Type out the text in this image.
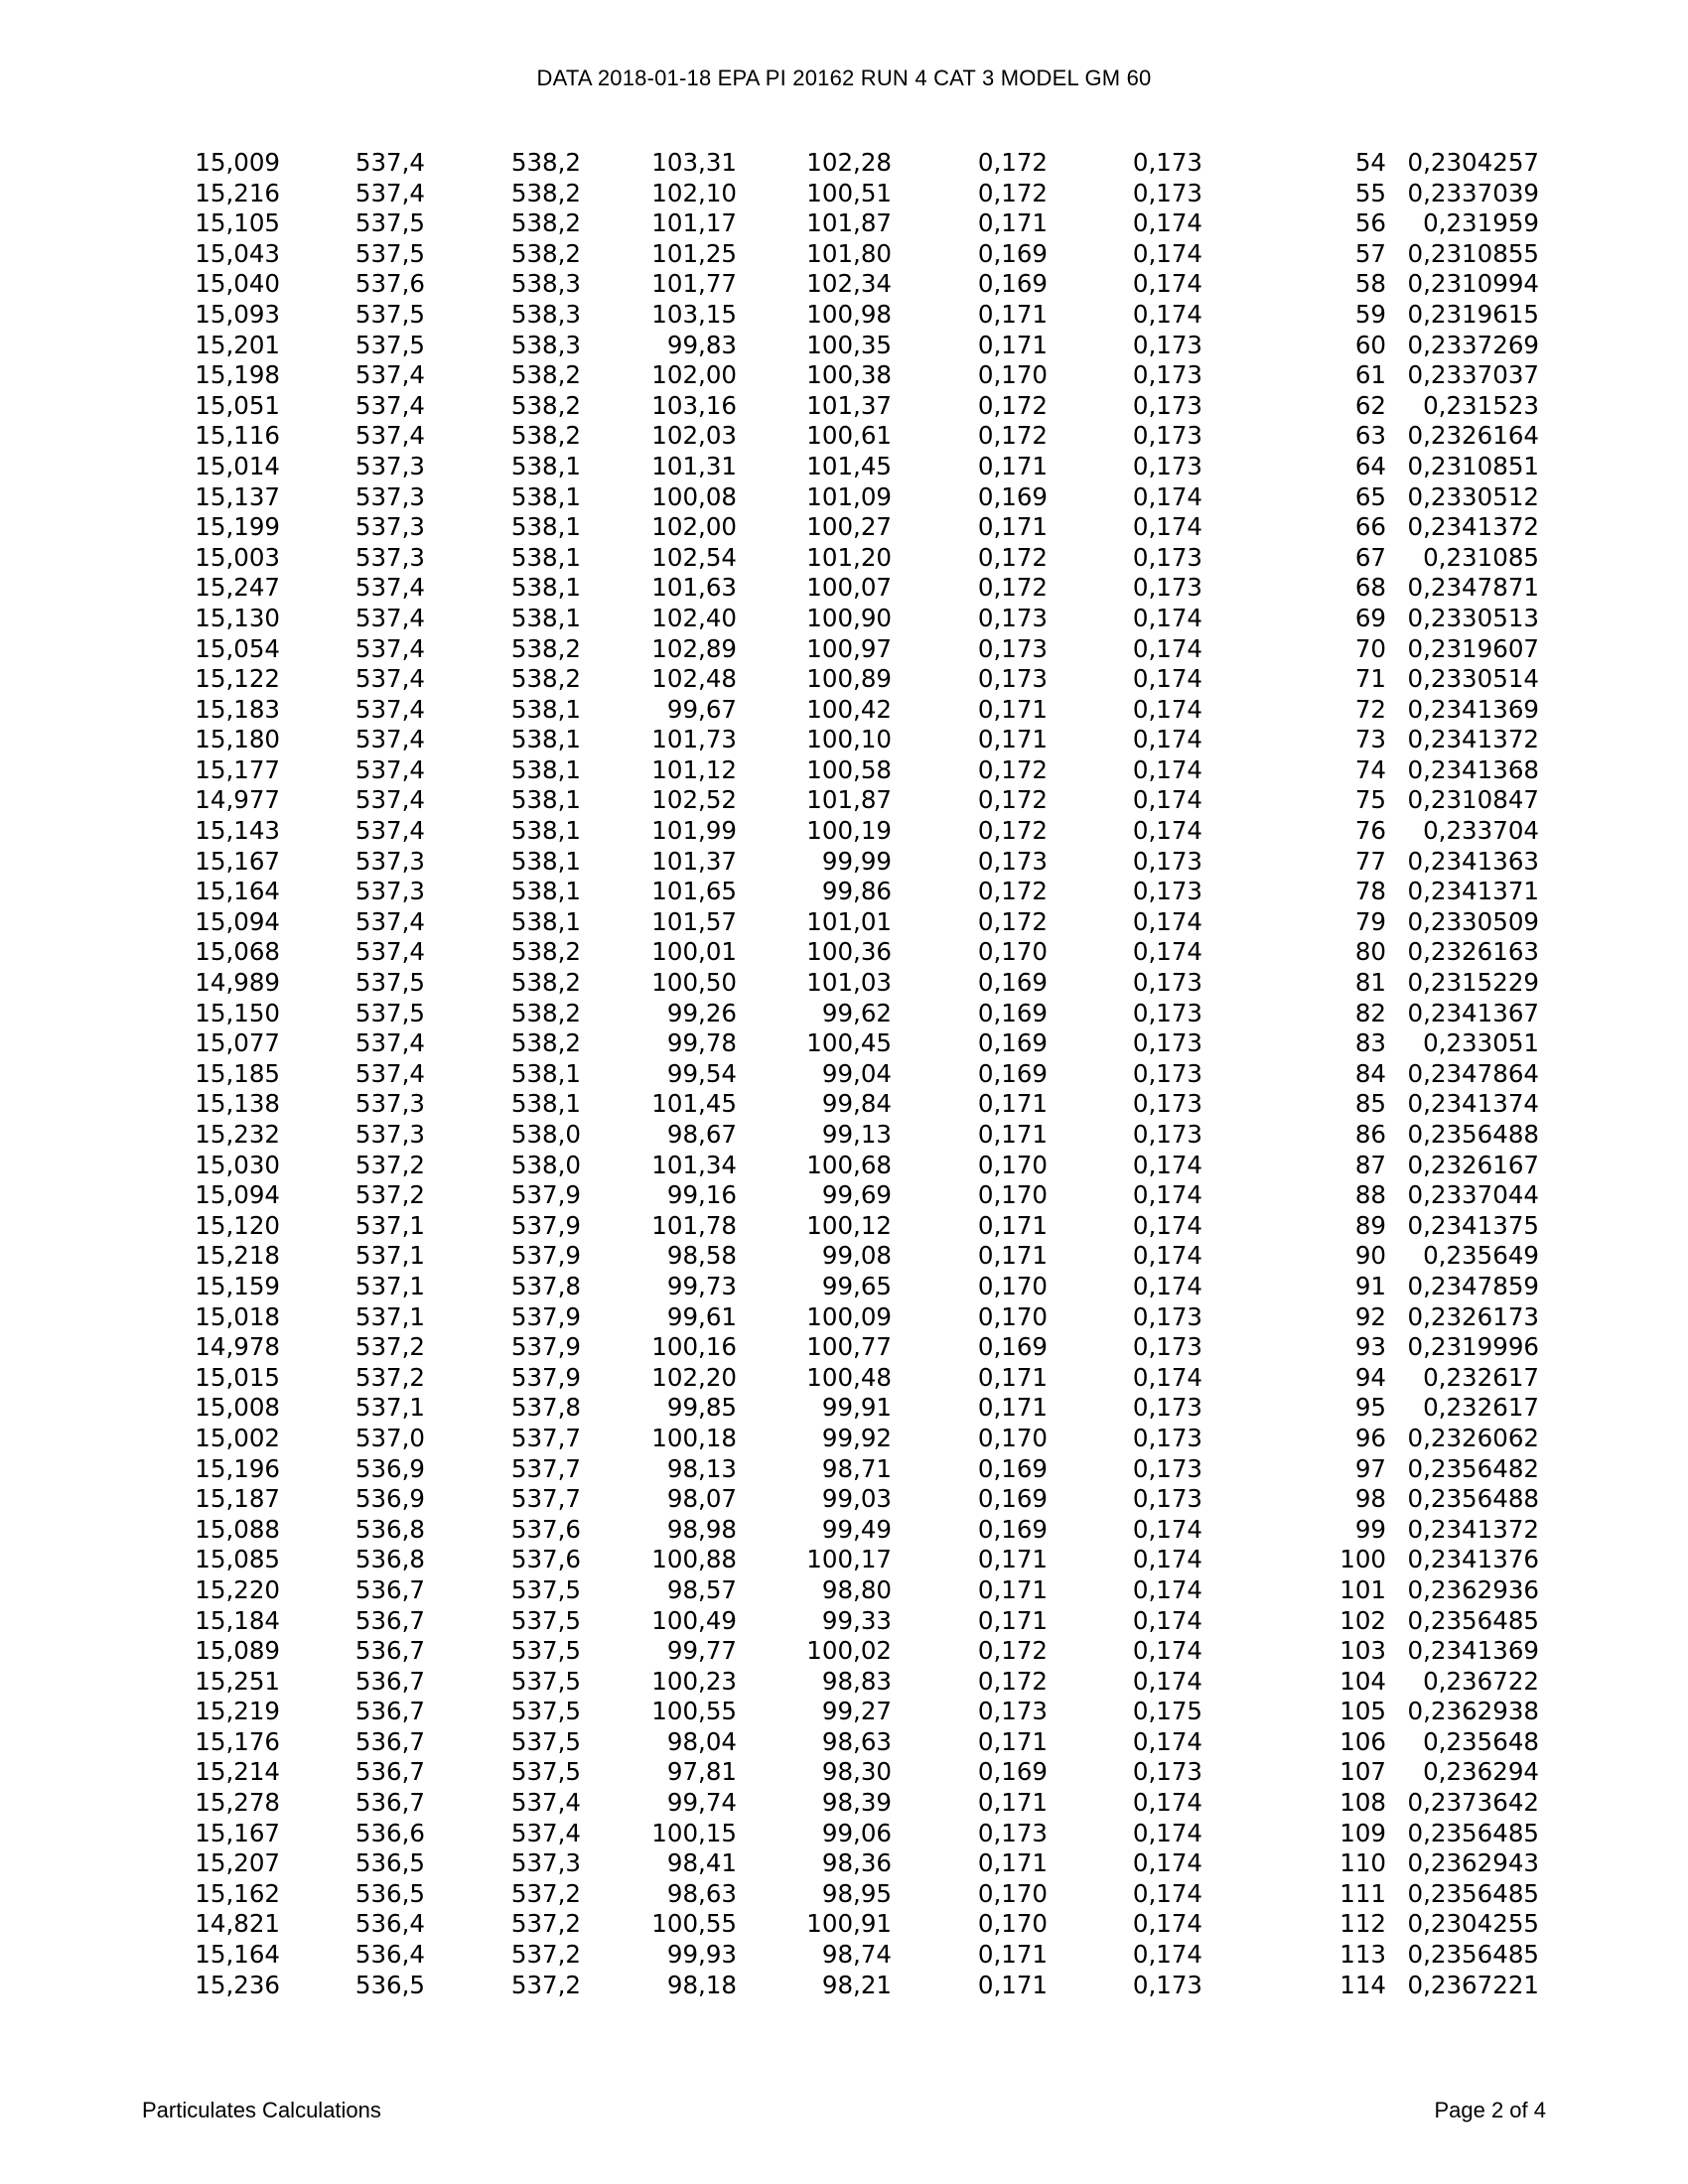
DATA 2018-01-18 EPA PI 20162 RUN 4 CAT 3 MODEL GM 60
15,009	537,4	538,2	103,31	102,28	0,172	0,173	54	0,2304257	
15,216	537,4	538,2	102,10	100,51	0,172	0,173	55	0,2337039	
15,105	537,5	538,2	101,17	101,87	0,171	0,174	56	0,231959	
15,043	537,5	538,2	101,25	101,80	0,169	0,174	57	0,2310855	
15,040	537,6	538,3	101,77	102,34	0,169	0,174	58	0,2310994	
15,093	537,5	538,3	103,15	100,98	0,171	0,174	59	0,2319615	
15,201	537,5	538,3	99,83	100,35	0,171	0,173	60	0,2337269	
15,198	537,4	538,2	102,00	100,38	0,170	0,173	61	0,2337037	
15,051	537,4	538,2	103,16	101,37	0,172	0,173	62	0,231523	
15,116	537,4	538,2	102,03	100,61	0,172	0,173	63	0,2326164	
15,014	537,3	538,1	101,31	101,45	0,171	0,173	64	0,2310851	
15,137	537,3	538,1	100,08	101,09	0,169	0,174	65	0,2330512	
15,199	537,3	538,1	102,00	100,27	0,171	0,174	66	0,2341372	
15,003	537,3	538,1	102,54	101,20	0,172	0,173	67	0,231085	
15,247	537,4	538,1	101,63	100,07	0,172	0,173	68	0,2347871	
15,130	537,4	538,1	102,40	100,90	0,173	0,174	69	0,2330513	
15,054	537,4	538,2	102,89	100,97	0,173	0,174	70	0,2319607	
15,122	537,4	538,2	102,48	100,89	0,173	0,174	71	0,2330514	
15,183	537,4	538,1	99,67	100,42	0,171	0,174	72	0,2341369	
15,180	537,4	538,1	101,73	100,10	0,171	0,174	73	0,2341372	
15,177	537,4	538,1	101,12	100,58	0,172	0,174	74	0,2341368	
14,977	537,4	538,1	102,52	101,87	0,172	0,174	75	0,2310847	
15,143	537,4	538,1	101,99	100,19	0,172	0,174	76	0,233704	
15,167	537,3	538,1	101,37	99,99	0,173	0,173	77	0,2341363	
15,164	537,3	538,1	101,65	99,86	0,172	0,173	78	0,2341371	
15,094	537,4	538,1	101,57	101,01	0,172	0,174	79	0,2330509	
15,068	537,4	538,2	100,01	100,36	0,170	0,174	80	0,2326163	
14,989	537,5	538,2	100,50	101,03	0,169	0,173	81	0,2315229	
15,150	537,5	538,2	99,26	99,62	0,169	0,173	82	0,2341367	
15,077	537,4	538,2	99,78	100,45	0,169	0,173	83	0,233051	
15,185	537,4	538,1	99,54	99,04	0,169	0,173	84	0,2347864	
15,138	537,3	538,1	101,45	99,84	0,171	0,173	85	0,2341374	
15,232	537,3	538,0	98,67	99,13	0,171	0,173	86	0,2356488	
15,030	537,2	538,0	101,34	100,68	0,170	0,174	87	0,2326167	
15,094	537,2	537,9	99,16	99,69	0,170	0,174	88	0,2337044	
15,120	537,1	537,9	101,78	100,12	0,171	0,174	89	0,2341375	
15,218	537,1	537,9	98,58	99,08	0,171	0,174	90	0,235649	
15,159	537,1	537,8	99,73	99,65	0,170	0,174	91	0,2347859	
15,018	537,1	537,9	99,61	100,09	0,170	0,173	92	0,2326173	
14,978	537,2	537,9	100,16	100,77	0,169	0,173	93	0,2319996	
15,015	537,2	537,9	102,20	100,48	0,171	0,174	94	0,232617	
15,008	537,1	537,8	99,85	99,91	0,171	0,173	95	0,232617	
15,002	537,0	537,7	100,18	99,92	0,170	0,173	96	0,2326062	
15,196	536,9	537,7	98,13	98,71	0,169	0,173	97	0,2356482	
15,187	536,9	537,7	98,07	99,03	0,169	0,173	98	0,2356488	
15,088	536,8	537,6	98,98	99,49	0,169	0,174	99	0,2341372	
15,085	536,8	537,6	100,88	100,17	0,171	0,174	100	0,2341376	
15,220	536,7	537,5	98,57	98,80	0,171	0,174	101	0,2362936	
15,184	536,7	537,5	100,49	99,33	0,171	0,174	102	0,2356485	
15,089	536,7	537,5	99,77	100,02	0,172	0,174	103	0,2341369	
15,251	536,7	537,5	100,23	98,83	0,172	0,174	104	0,236722	
15,219	536,7	537,5	100,55	99,27	0,173	0,175	105	0,2362938	
15,176	536,7	537,5	98,04	98,63	0,171	0,174	106	0,235648	
15,214	536,7	537,5	97,81	98,30	0,169	0,173	107	0,236294	
15,278	536,7	537,4	99,74	98,39	0,171	0,174	108	0,2373642	
15,167	536,6	537,4	100,15	99,06	0,173	0,174	109	0,2356485	
15,207	536,5	537,3	98,41	98,36	0,171	0,174	110	0,2362943	
15,162	536,5	537,2	98,63	98,95	0,170	0,174	111	0,2356485	
14,821	536,4	537,2	100,55	100,91	0,170	0,174	112	0,2304255	
15,164	536,4	537,2	99,93	98,74	0,171	0,174	113	0,2356485	
15,236	536,5	537,2	98,18	98,21	0,171	0,173	114	0,2367221	
Particulates Calculations	Page 2 of 4
